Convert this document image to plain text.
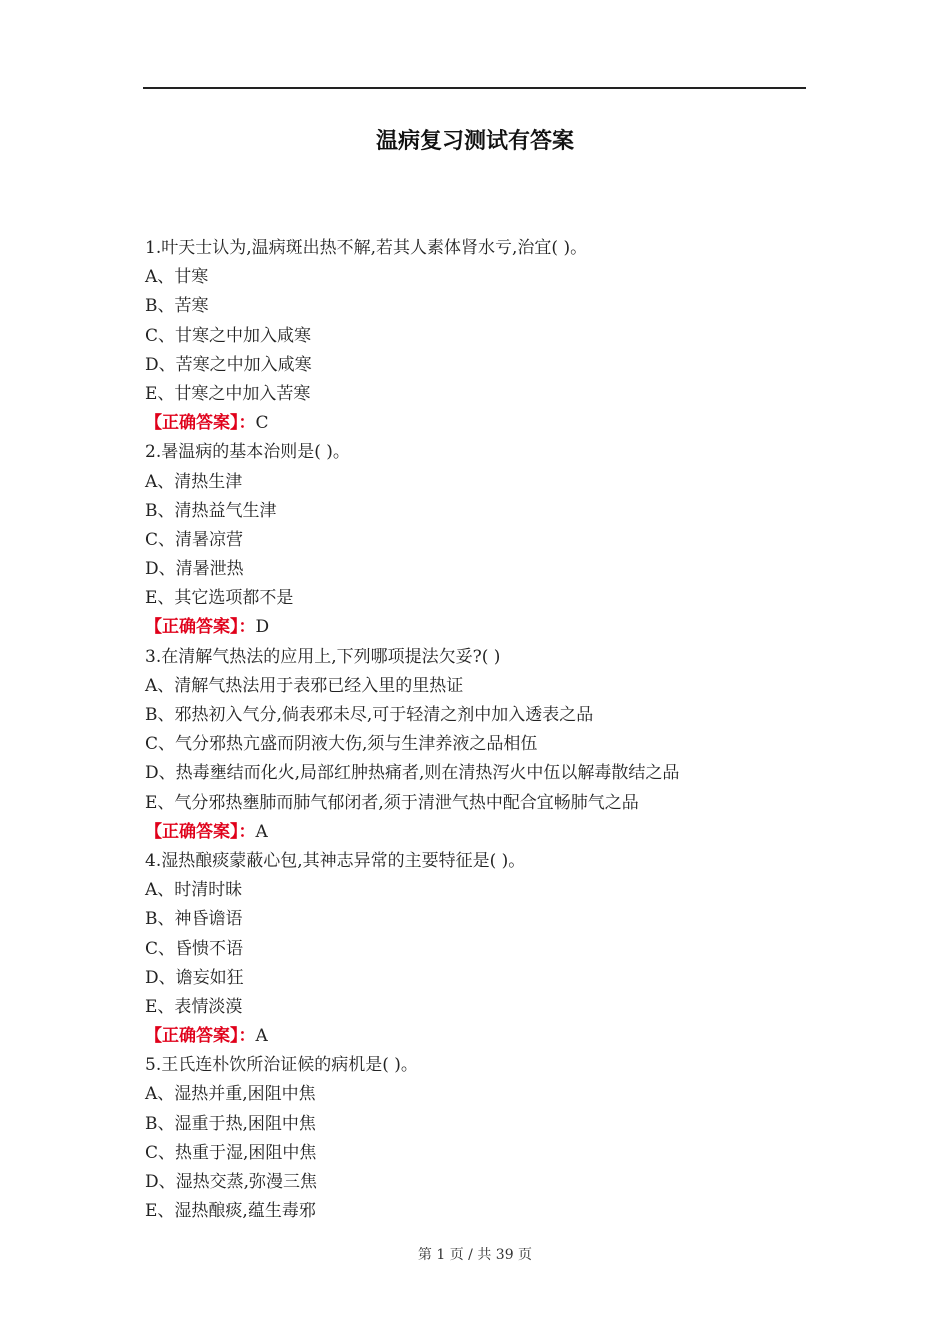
温病复习测试有答案
1.叶天士认为,温病斑出热不解,若其人素体肾水亏,治宜( )。
A、甘寒
B、苦寒
C、甘寒之中加入咸寒
D、苦寒之中加入咸寒
E、甘寒之中加入苦寒
【正确答案】：C
2.暑温病的基本治则是( )。
A、清热生津
B、清热益气生津
C、清暑凉营
D、清暑泄热
E、其它选项都不是
【正确答案】：D
3.在清解气热法的应用上,下列哪项提法欠妥?( )
A、清解气热法用于表邪已经入里的里热证
B、邪热初入气分,倘表邪未尽,可于轻清之剂中加入透表之品
C、气分邪热亢盛而阴液大伤,须与生津养液之品相伍
D、热毒壅结而化火,局部红肿热痛者,则在清热泻火中伍以解毒散结之品
E、气分邪热壅肺而肺气郁闭者,须于清泄气热中配合宜畅肺气之品
【正确答案】：A
4.湿热酿痰蒙蔽心包,其神志异常的主要特征是( )。
A、时清时昧
B、神昏谵语
C、昏愦不语
D、谵妄如狂
E、表情淡漠
【正确答案】：A
5.王氏连朴饮所治证候的病机是( )。
A、湿热并重,困阻中焦
B、湿重于热,困阻中焦
C、热重于湿,困阻中焦
D、湿热交蒸,弥漫三焦
E、湿热酿痰,蕴生毒邪
第 1 页 / 共 39 页
